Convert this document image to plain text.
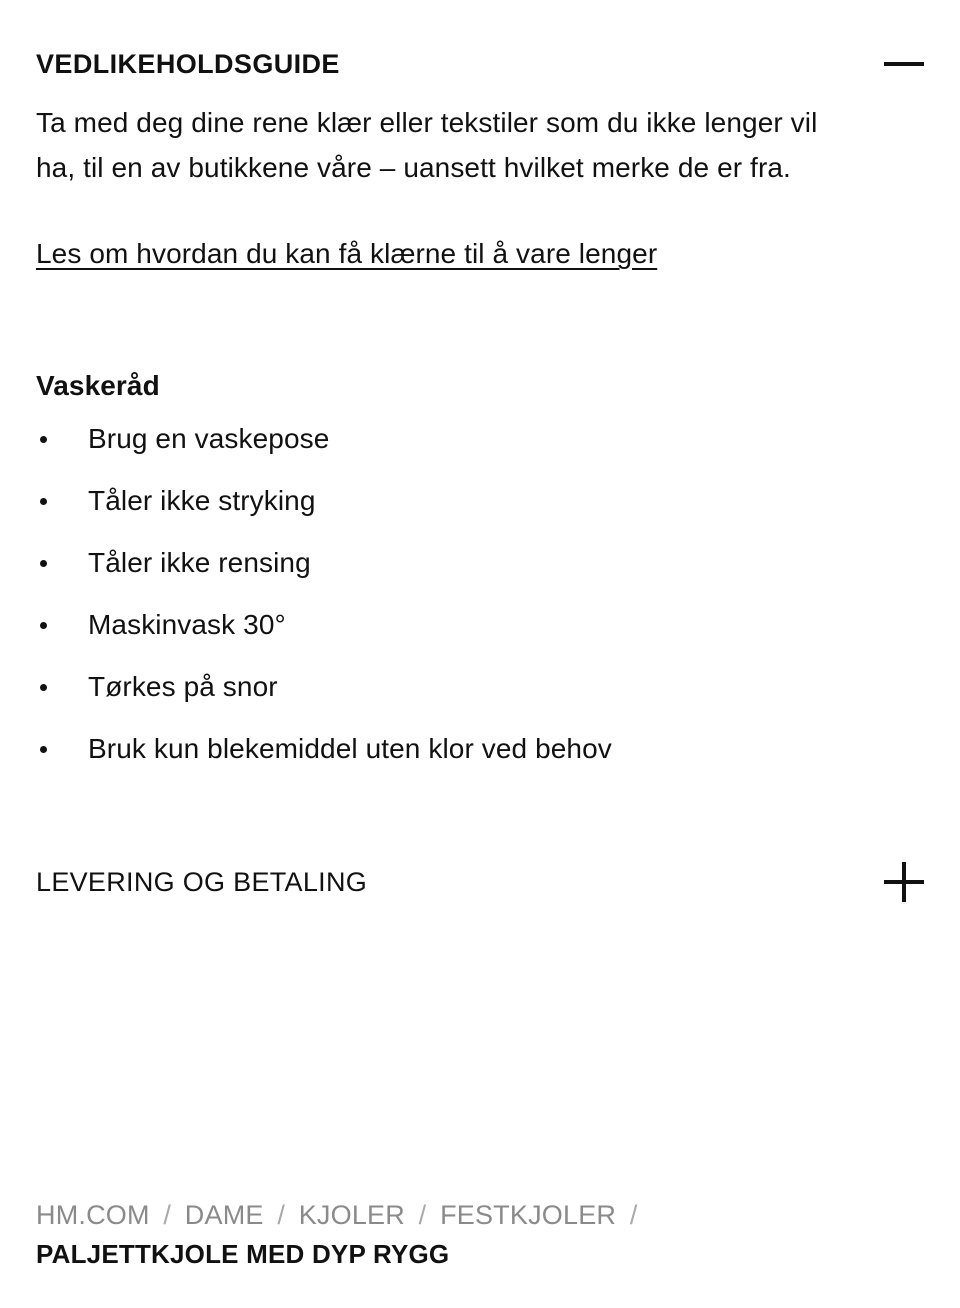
VEDLIKEHOLDSGUIDE

Ta med deg dine rene klær eller tekstiler som du ikke lenger vil ha, til en av butikkene våre – uansett hvilket merke de er fra.

Les om hvordan du kan få klærne til å vare lenger
Vaskeråd
Brug en vaskepose
Tåler ikke stryking
Tåler ikke rensing
Maskinvask 30°
Tørkes på snor
Bruk kun blekemiddel uten klor ved behov
LEVERING OG BETALING
HM.COM / DAME / KJOLER / FESTKJOLER /
PALJETTKJOLE MED DYP RYGG
